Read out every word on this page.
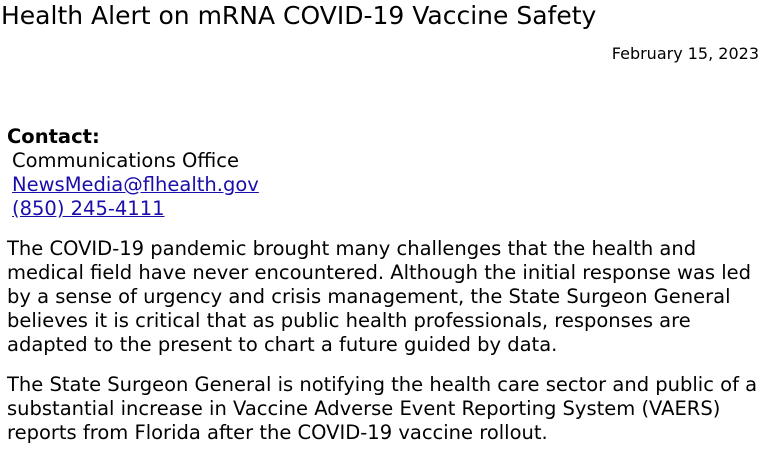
Health Alert on mRNA COVID-19 Vaccine Safety
February 15, 2023
Contact:
Communications Office
NewsMedia@flhealth.gov
(850) 245-4111

The COVID-19 pandemic brought many challenges that the health and medical field have never encountered. Although the initial response was led by a sense of urgency and crisis management, the State Surgeon General believes it is critical that as public health professionals, responses are adapted to the present to chart a future guided by data.

The State Surgeon General is notifying the health care sector and public of a substantial increase in Vaccine Adverse Event Reporting System (VAERS) reports from Florida after the COVID-19 vaccine rollout.
